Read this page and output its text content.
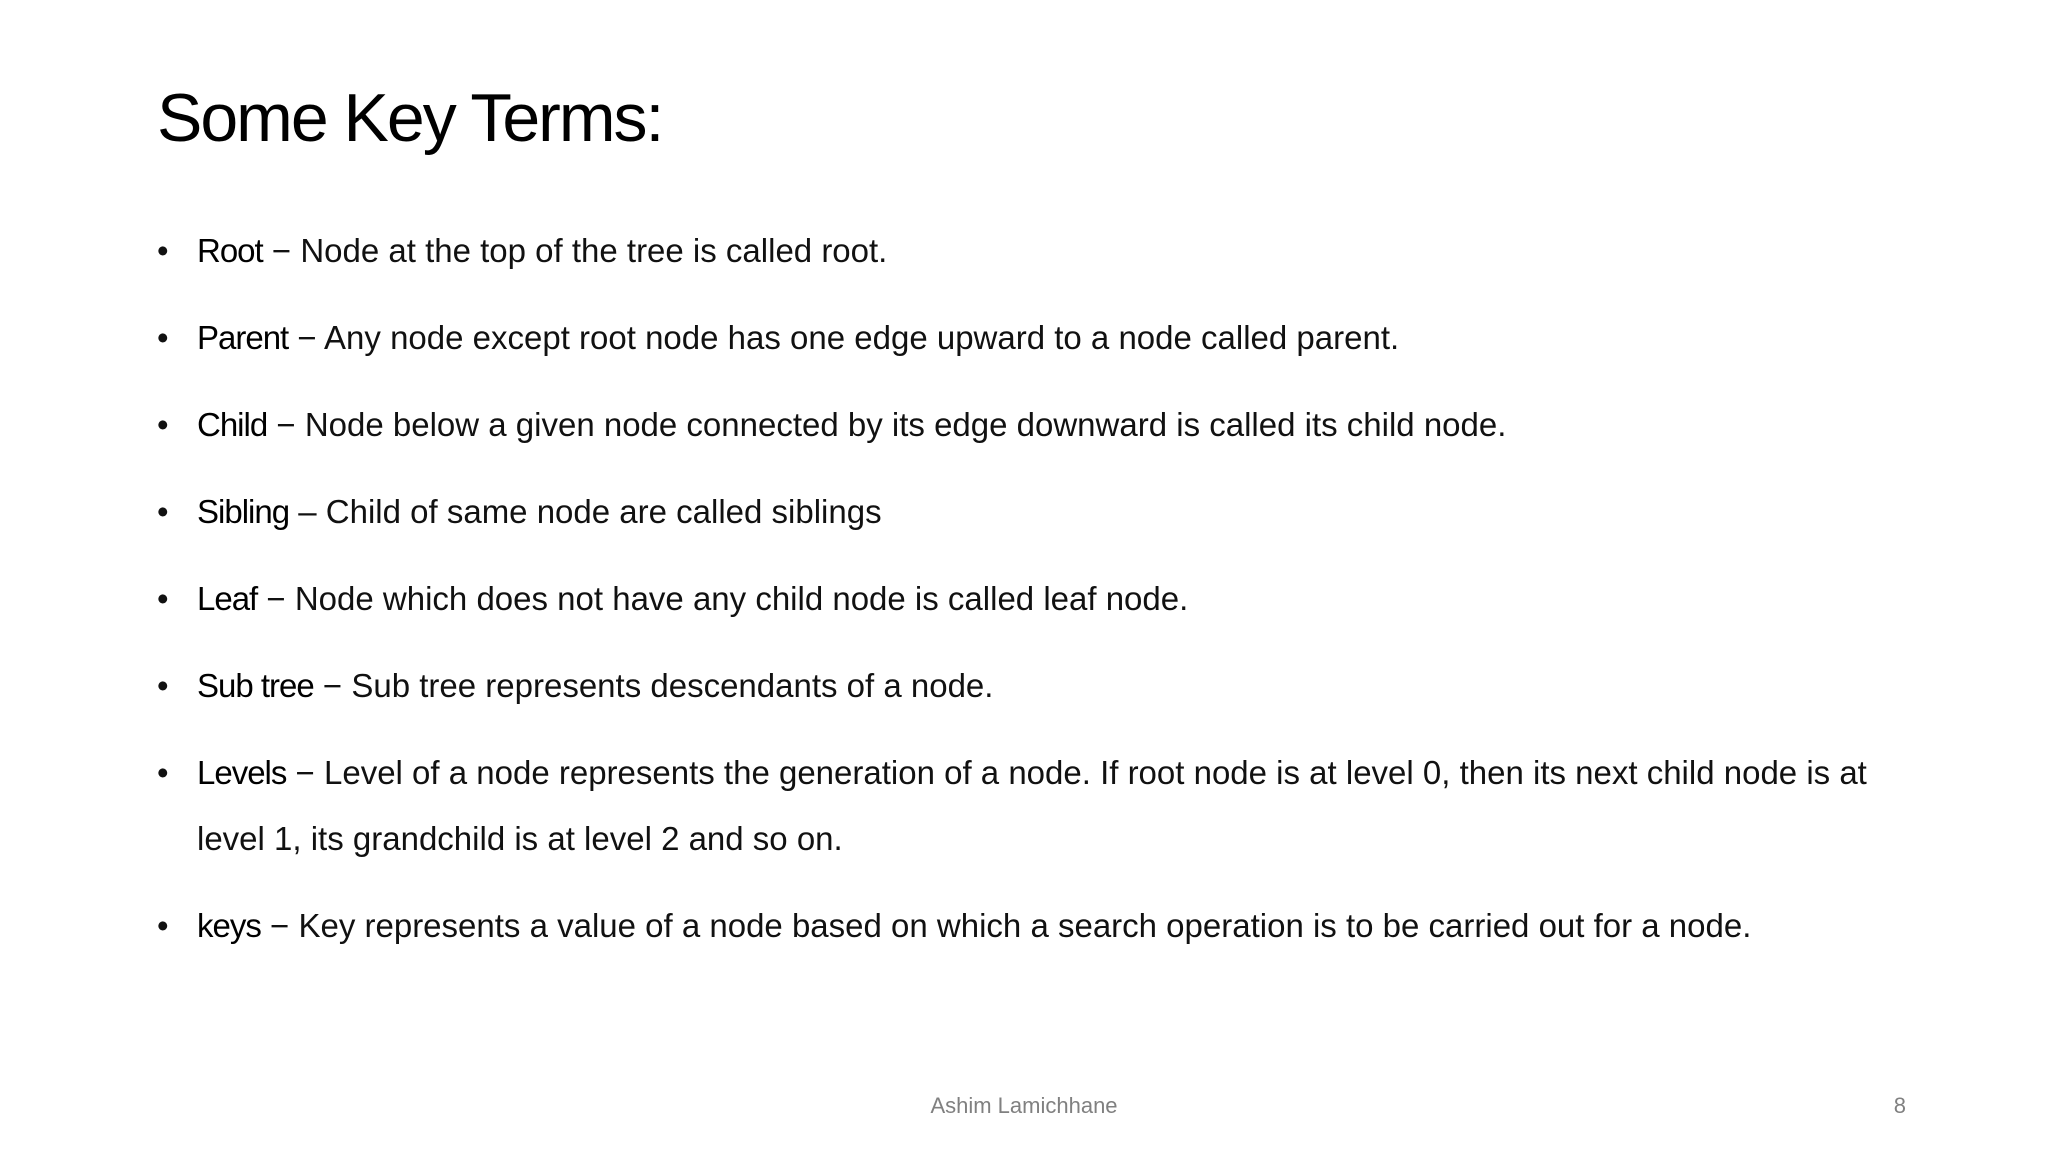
Some Key Terms:
• Root − Node at the top of the tree is called root.
• Parent − Any node except root node has one edge upward to a node called parent.
• Child − Node below a given node connected by its edge downward is called its child node.
• Sibling – Child of same node are called siblings
• Leaf − Node which does not have any child node is called leaf node.
• Sub tree − Sub tree represents descendants of a node.
• Levels − Level of a node represents the generation of a node. If root node is at level 0, then its next child node is at level 1, its grandchild is at level 2 and so on.
• keys − Key represents a value of a node based on which a search operation is to be carried out for a node.
Ashim Lamichhane	8
